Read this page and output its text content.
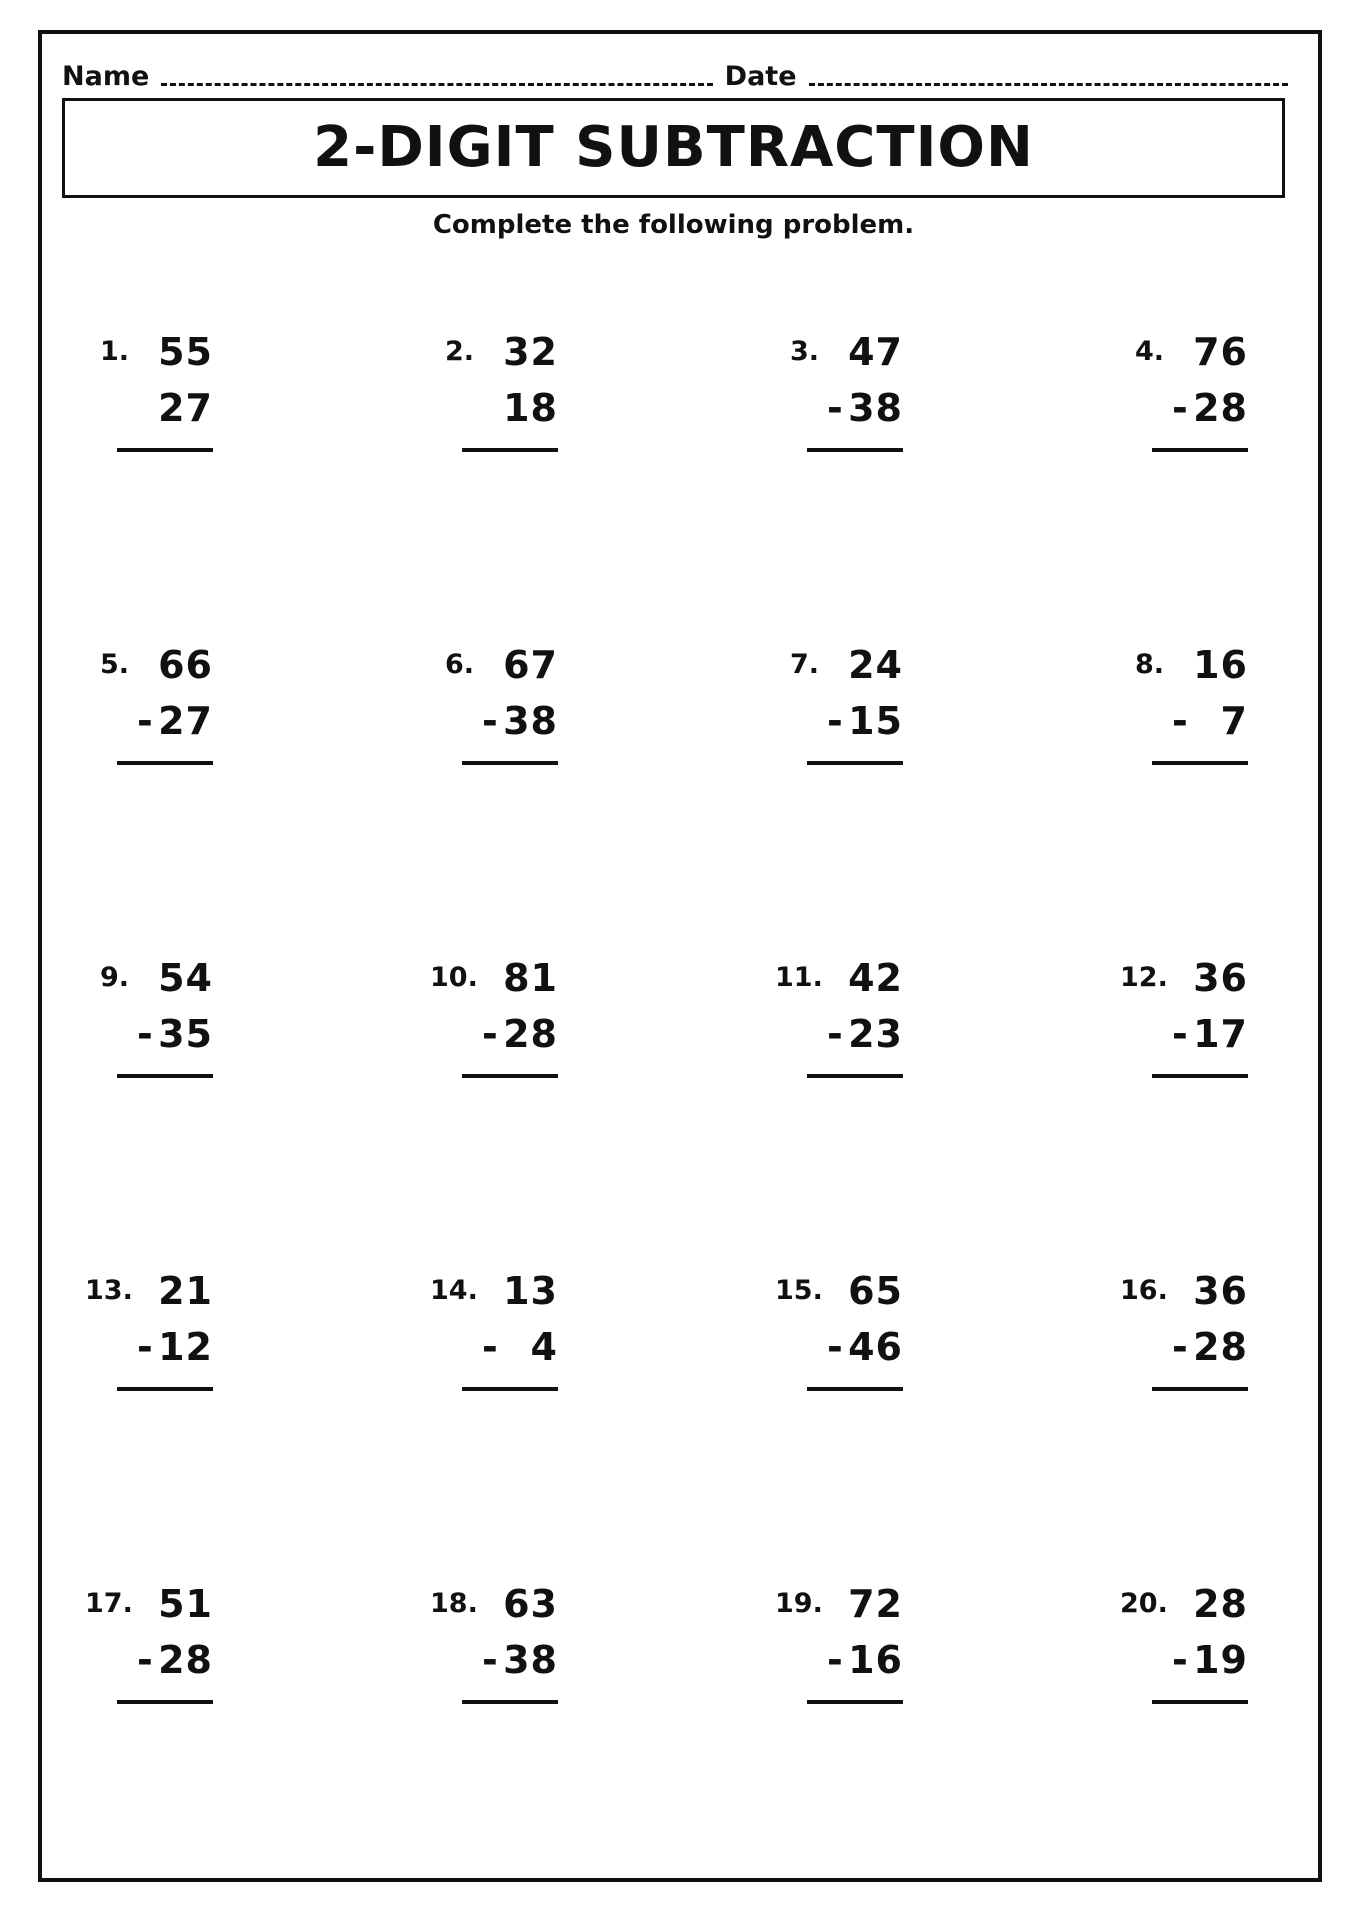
Name	Date
2-DIGIT SUBTRACTION
Complete the following problem.
1. 55
27
2. 32
18
3. 47
- 38
4. 76
- 28
5. 66
- 27
6. 67
- 38
7. 24
- 15
8. 16
- 7
9. 54
- 35
10. 81
- 28
11. 42
- 23
12. 36
- 17
13. 21
- 12
14. 13
- 4
15. 65
- 46
16. 36
- 28
17. 51
- 28
18. 63
- 38
19. 72
- 16
20. 28
- 19
